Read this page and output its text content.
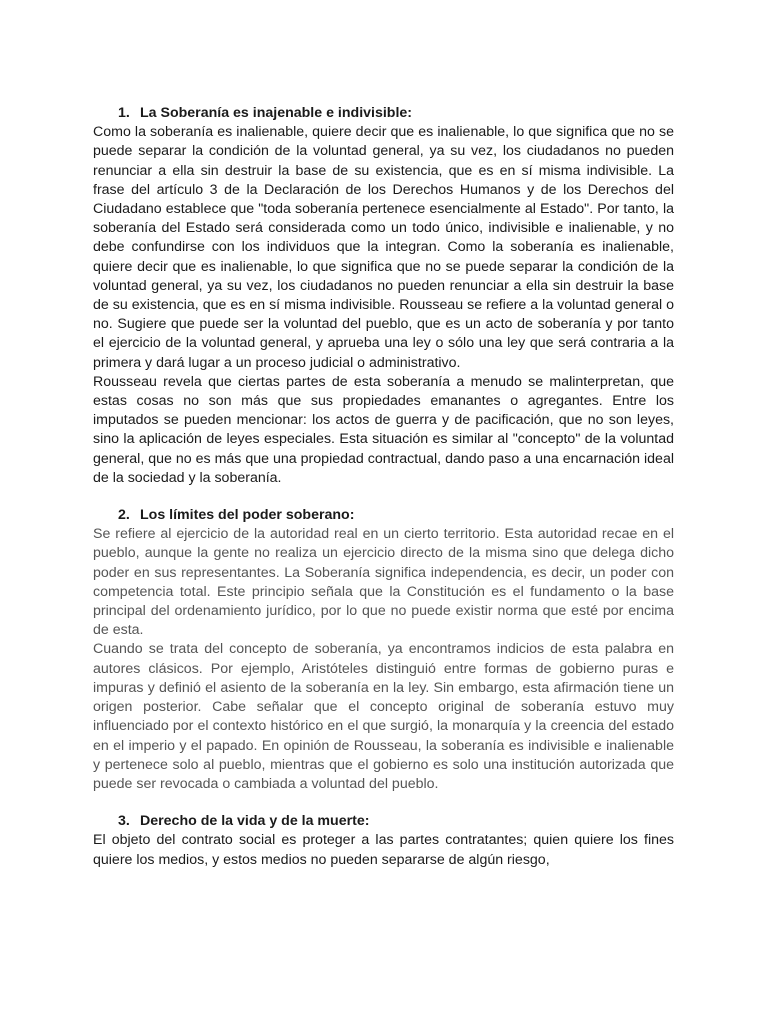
1. La Soberanía es inajenable e indivisible:

Como la soberanía es inalienable, quiere decir que es inalienable, lo que significa que no se puede separar la condición de la voluntad general, ya su vez, los ciudadanos no pueden renunciar a ella sin destruir la base de su existencia, que es en sí misma indivisible. La frase del artículo 3 de la Declaración de los Derechos Humanos y de los Derechos del Ciudadano establece que "toda soberanía pertenece esencialmente al Estado". Por tanto, la soberanía del Estado será considerada como un todo único, indivisible e inalienable, y no debe confundirse con los individuos que la integran. Como la soberanía es inalienable, quiere decir que es inalienable, lo que significa que no se puede separar la condición de la voluntad general, ya su vez, los ciudadanos no pueden renunciar a ella sin destruir la base de su existencia, que es en sí misma indivisible. Rousseau se refiere a la voluntad general o no. Sugiere que puede ser la voluntad del pueblo, que es un acto de soberanía y por tanto el ejercicio de la voluntad general, y aprueba una ley o sólo una ley que será contraria a la primera y dará lugar a un proceso judicial o administrativo.

Rousseau revela que ciertas partes de esta soberanía a menudo se malinterpretan, que estas cosas no son más que sus propiedades emanantes o agregantes. Entre los imputados se pueden mencionar: los actos de guerra y de pacificación, que no son leyes, sino la aplicación de leyes especiales. Esta situación es similar al "concepto" de la voluntad general, que no es más que una propiedad contractual, dando paso a una encarnación ideal de la sociedad y la soberanía.

2. Los límites del poder soberano:

Se refiere al ejercicio de la autoridad real en un cierto territorio. Esta autoridad recae en el pueblo, aunque la gente no realiza un ejercicio directo de la misma sino que delega dicho poder en sus representantes. La Soberanía significa independencia, es decir, un poder con competencia total. Este principio señala que la Constitución es el fundamento o la base principal del ordenamiento jurídico, por lo que no puede existir norma que esté por encima de esta.

Cuando se trata del concepto de soberanía, ya encontramos indicios de esta palabra en autores clásicos. Por ejemplo, Aristóteles distinguió entre formas de gobierno puras e impuras y definió el asiento de la soberanía en la ley. Sin embargo, esta afirmación tiene un origen posterior. Cabe señalar que el concepto original de soberanía estuvo muy influenciado por el contexto histórico en el que surgió, la monarquía y la creencia del estado en el imperio y el papado. En opinión de Rousseau, la soberanía es indivisible e inalienable y pertenece solo al pueblo, mientras que el gobierno es solo una institución autorizada que puede ser revocada o cambiada a voluntad del pueblo.

3. Derecho de la vida y de la muerte:

El objeto del contrato social es proteger a las partes contratantes; quien quiere los fines quiere los medios, y estos medios no pueden separarse de algún riesgo,
